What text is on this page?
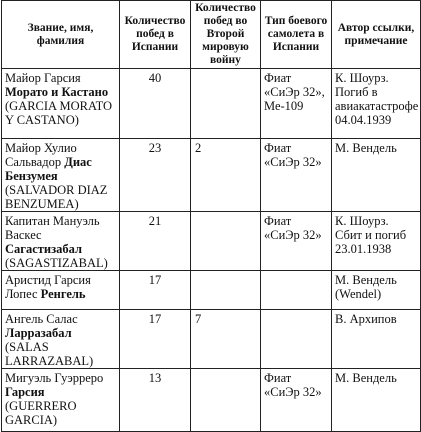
Звание, имя, фамилия	Количество побед в Испании	Количество побед во Второй мировую войну	Тип боевого самолета в Испании	Автор ссылки, примечание
Майор Гарсия Морато и Кастано (GARCIA MORATO Y CASTANO)	40		Фиат «СиЭр 32», Ме-109	К. Шоурз. Погиб в авиакатастрофе 04.04.1939
Майор Хулио Сальвадор Диас Бензумея (SALVADOR DIAZ BENZUMEA)	23	2	Фиат «СиЭр 32»	М. Вендель
Капитан Мануэль Васкес Сагастизабал (SAGASTIZABAL)	21		Фиат «СиЭр 32»	К. Шоурз. Сбит и погиб 23.01.1938
Аристид Гарсия Лопес Ренгель	17			М. Вендель (Wendel)
Ангель Салас Ларразабал (SALAS LARRAZABAL)	17	7		В. Архипов
Мигуэль Гуэрреро Гарсия (GUERRERO GARCIA)	13		Фиат «СиЭр 32»	М. Вендель
